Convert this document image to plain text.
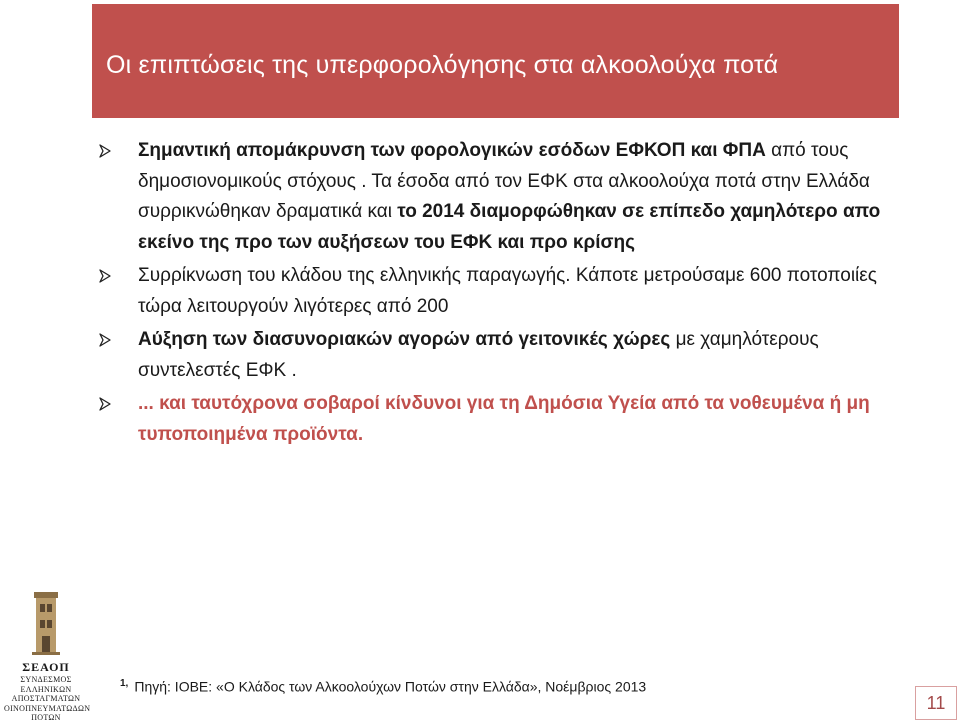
Οι επιπτώσεις της υπερφορολόγησης στα αλκοολούχα ποτά
Σημαντική απομάκρυνση των φορολογικών εσόδων ΕΦΚΟΠ και ΦΠΑ από τους δημοσιονομικούς στόχους . Τα έσοδα από τον ΕΦΚ στα αλκοολούχα ποτά στην Ελλάδα συρρικνώθηκαν δραματικά και το 2014 διαμορφώθηκαν σε επίπεδο χαμηλότερο απο εκείνο της προ των αυξήσεων του ΕΦΚ και προ κρίσης
Συρρίκνωση του κλάδου της ελληνικής παραγωγής. Κάποτε μετρούσαμε 600 ποτοποιίες τώρα λειτουργούν λιγότερες από 200
Αύξηση των διασυνοριακών αγορών από γειτονικές χώρες με χαμηλότερους συντελεστές ΕΦΚ .
... και ταυτόχρονα σοβαροί κίνδυνοι για τη Δημόσια Υγεία από τα νοθευμένα ή μη τυποποιημένα προϊόντα.
ΣΕΑΟΠ
ΣΥΝΔΕΣΜΟΣ
ΕΛΛΗΝΙΚΩΝ
ΑΠΟΣΤΑΓΜΑΤΩΝ
ΟΙΝΟΠΝΕΥΜΑΤΩΔΩΝ
ΠΟΤΩΝ
$^{1,}$ Πηγή: ΙΟΒΕ: «Ο Κλάδος των Αλκοολούχων Ποτών στην Ελλάδα», Νοέμβριος 2013
11
